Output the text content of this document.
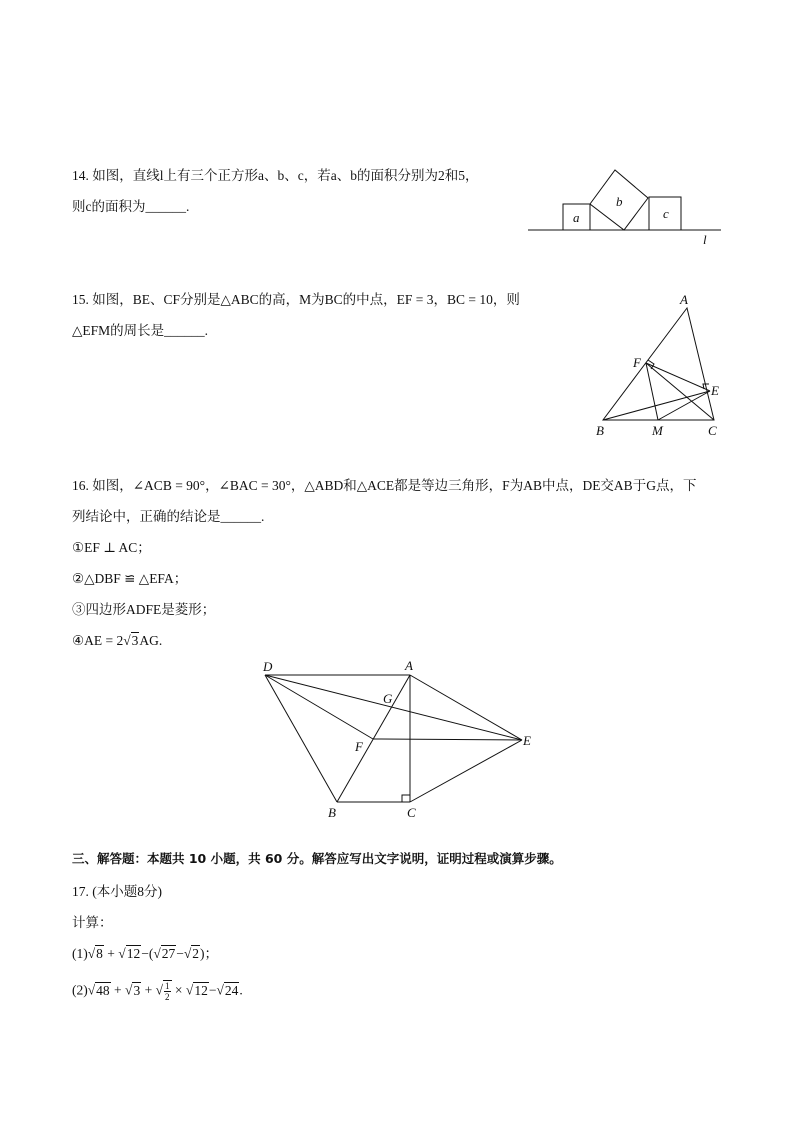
14. 如图，直线l上有三个正方形a、b、c，若a、b的面积分别为2和5，
则c的面积为______.
a
b
c
l
15. 如图，BE、CF分别是△ABC的高，M为BC的中点，EF = 3，BC = 10，则
△EFM的周长是______.
A
B	C
E
F
M
16. 如图，∠ACB = 90°，∠BAC = 30°，△ABD和△ACE都是等边三角形，F为AB中点，DE交AB于G点，下
列结论中，正确的结论是______.
①EF ⊥ AC；
②△DBF ≌ △EFA；
③四边形ADFE是菱形；
④AE = 2√3AG.
D	A
G
F	E
B	C
三、解答题：本题共 10 小题，共 60 分。解答应写出文字说明，证明过程或演算步骤。
17. (本小题8分)
计算：
(1)√8 + √12−(√27−√2)；
(2)√48 + √3 + √ $\frac{1}{2} \times √12-√24$.
